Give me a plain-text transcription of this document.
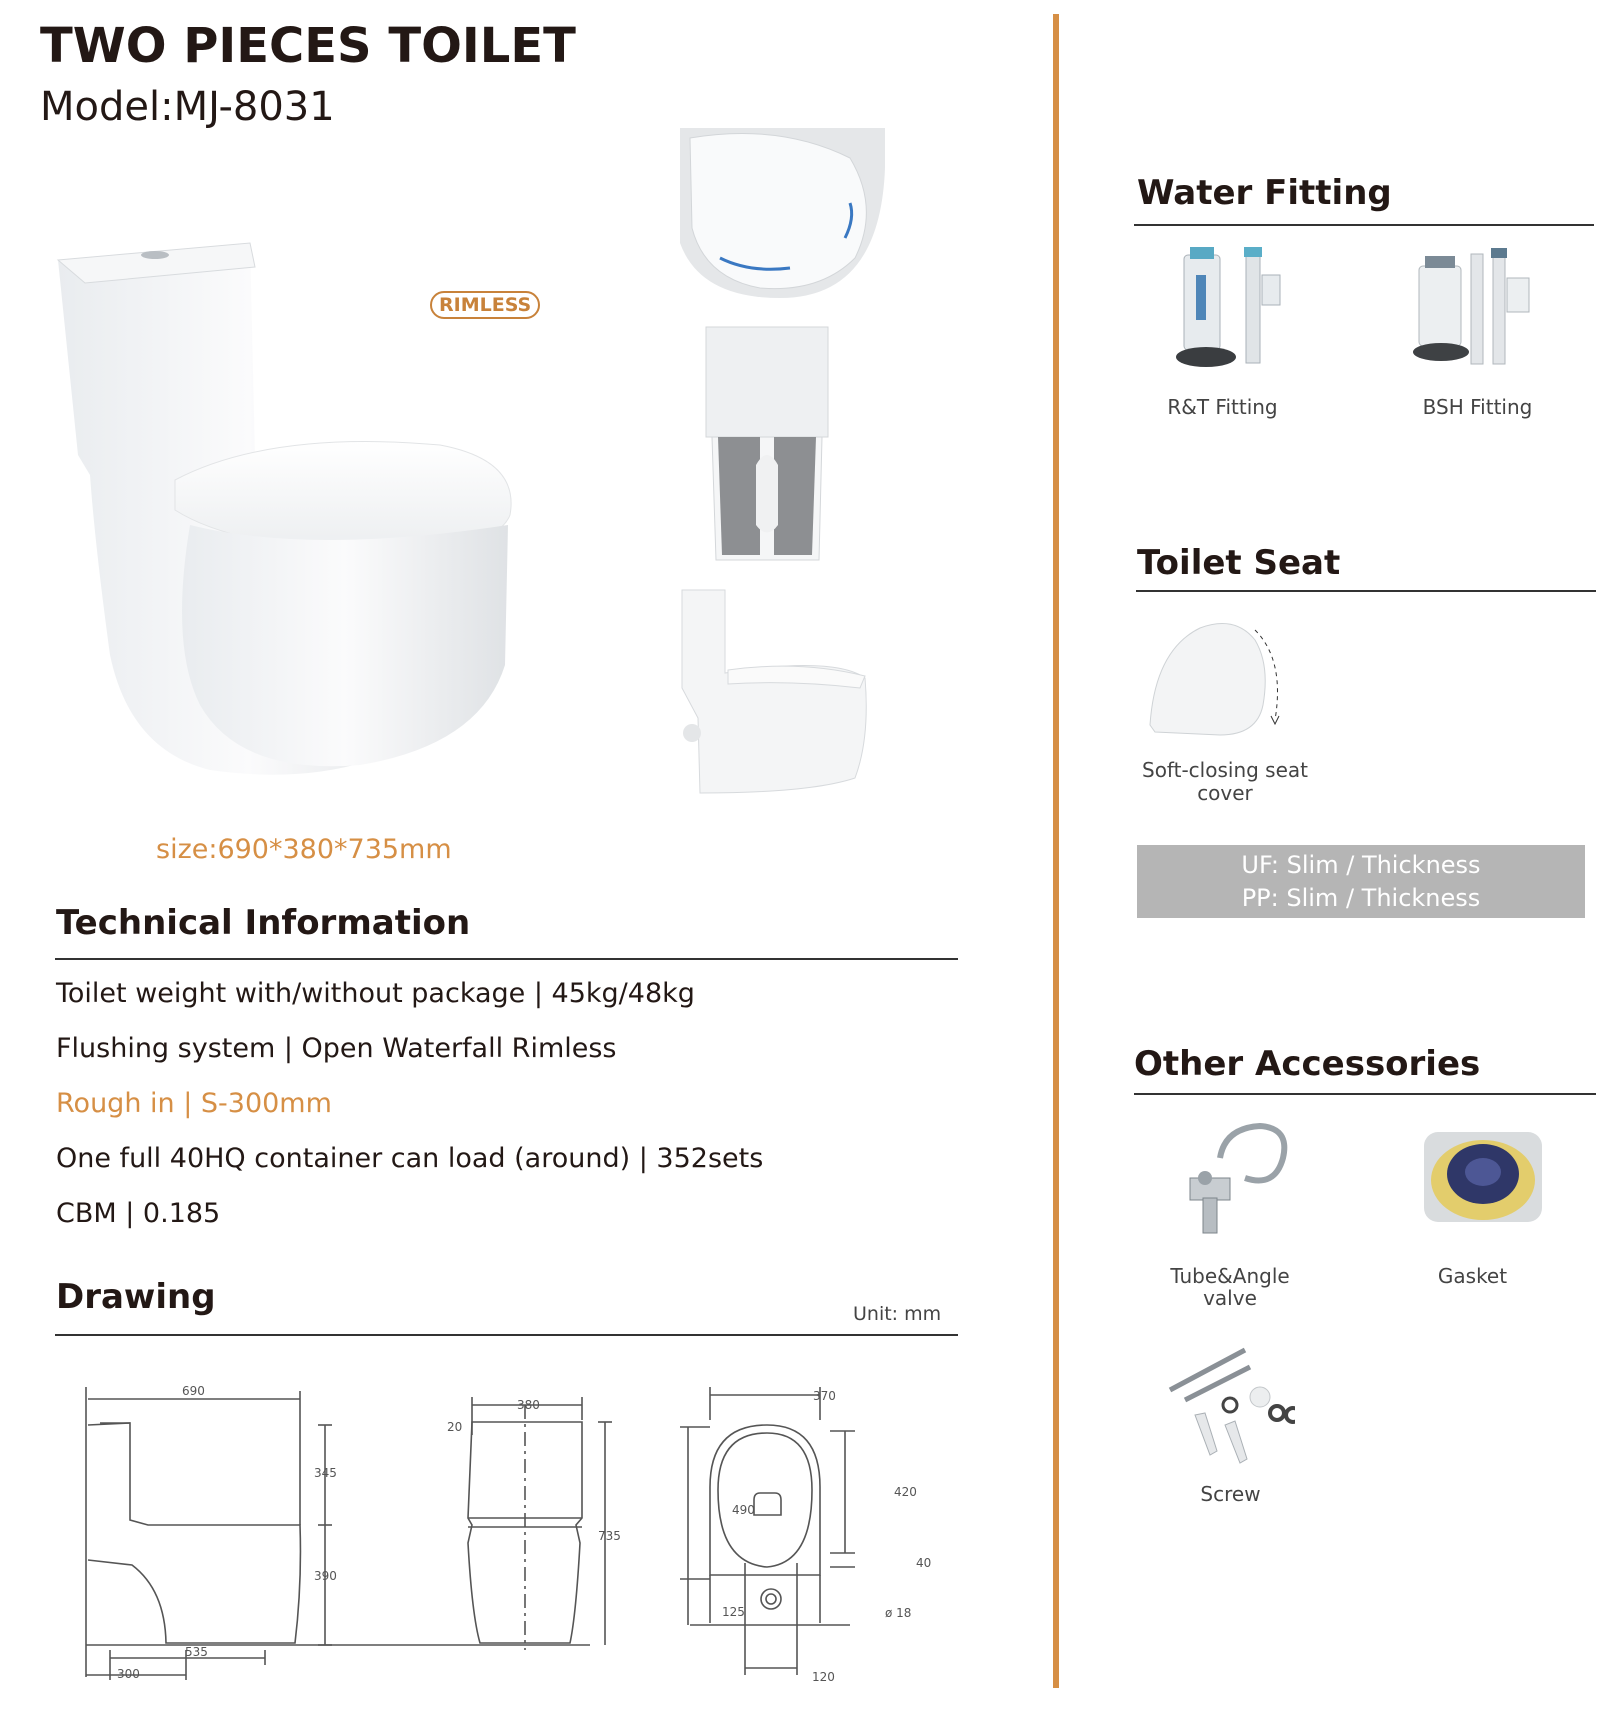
TWO PIECES TOILET
Model:MJ-8031
RIMLESS
size:690*380*735mm
Technical Information
Toilet weight with/without package | 45kg/48kg
Flushing system | Open Waterfall Rimless
Rough in | S-300mm
One full 40HQ container can load (around) | 352sets
CBM | 0.185
Drawing	Unit: mm
690
345
390
535
300
380
20
735
370
490
420
40
125	ø 18
120
Water Fitting
R&T Fitting	BSH Fitting
Toilet Seat
Soft-closing seat
cover
UF: Slim / Thickness
PP: Slim / Thickness
Other Accessories
Tube&Angle
valve
Gasket
Screw
